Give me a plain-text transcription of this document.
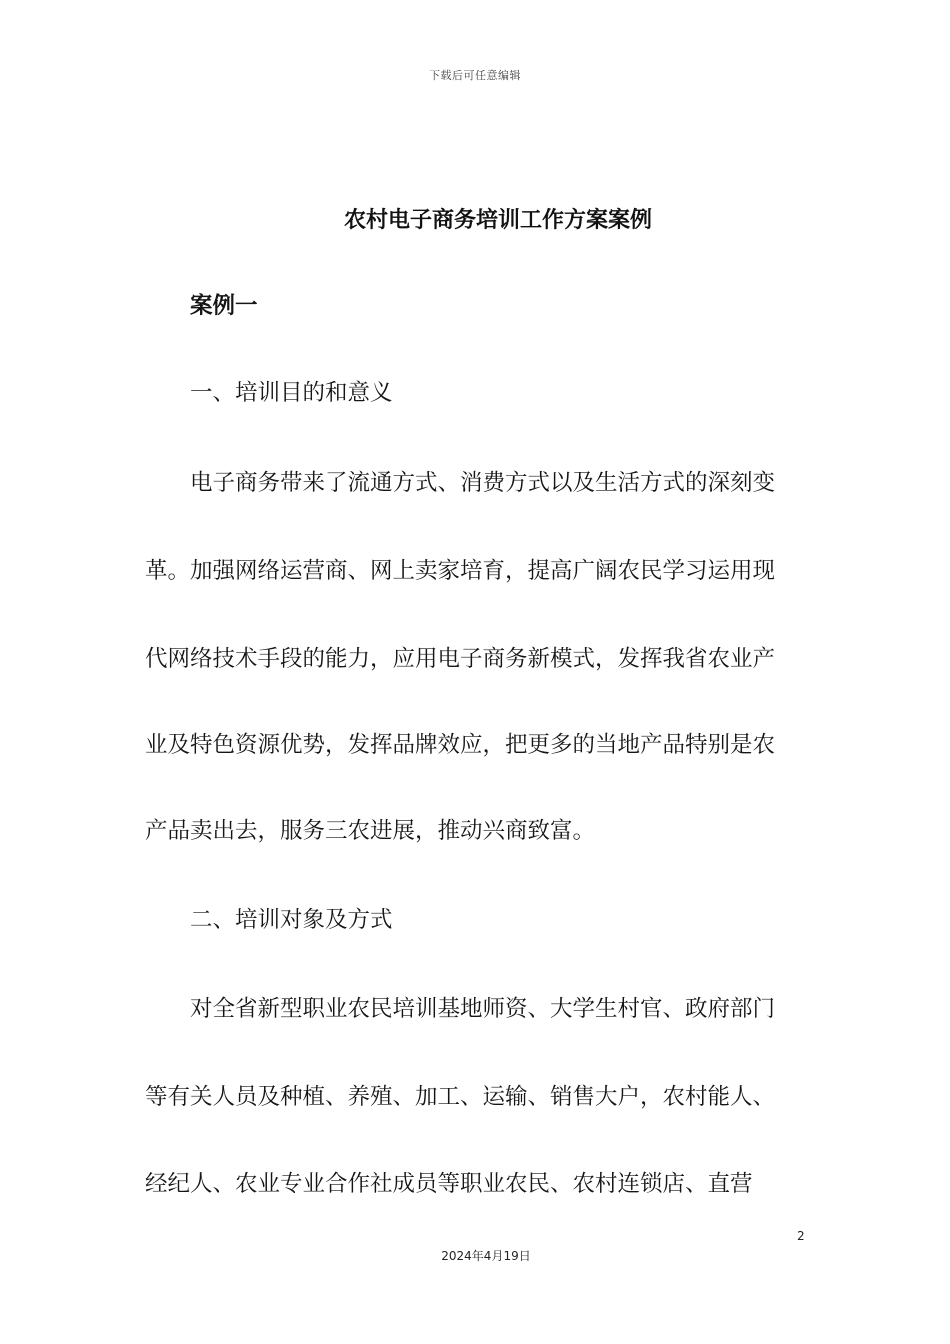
下载后可任意编辑
农村电子商务培训工作方案案例
案例一
一、培训目的和意义
电子商务带来了流通方式、消费方式以及生活方式的深刻变
革。加强网络运营商、网上卖家培育，提高广阔农民学习运用现
代网络技术手段的能力，应用电子商务新模式，发挥我省农业产
业及特色资源优势，发挥品牌效应，把更多的当地产品特别是农
产品卖出去，服务三农进展，推动兴商致富。
二、培训对象及方式
对全省新型职业农民培训基地师资、大学生村官、政府部门
等有关人员及种植、养殖、加工、运输、销售大户，农村能人、
经纪人、农业专业合作社成员等职业农民、农村连锁店、直营
2
2024年4月19日
